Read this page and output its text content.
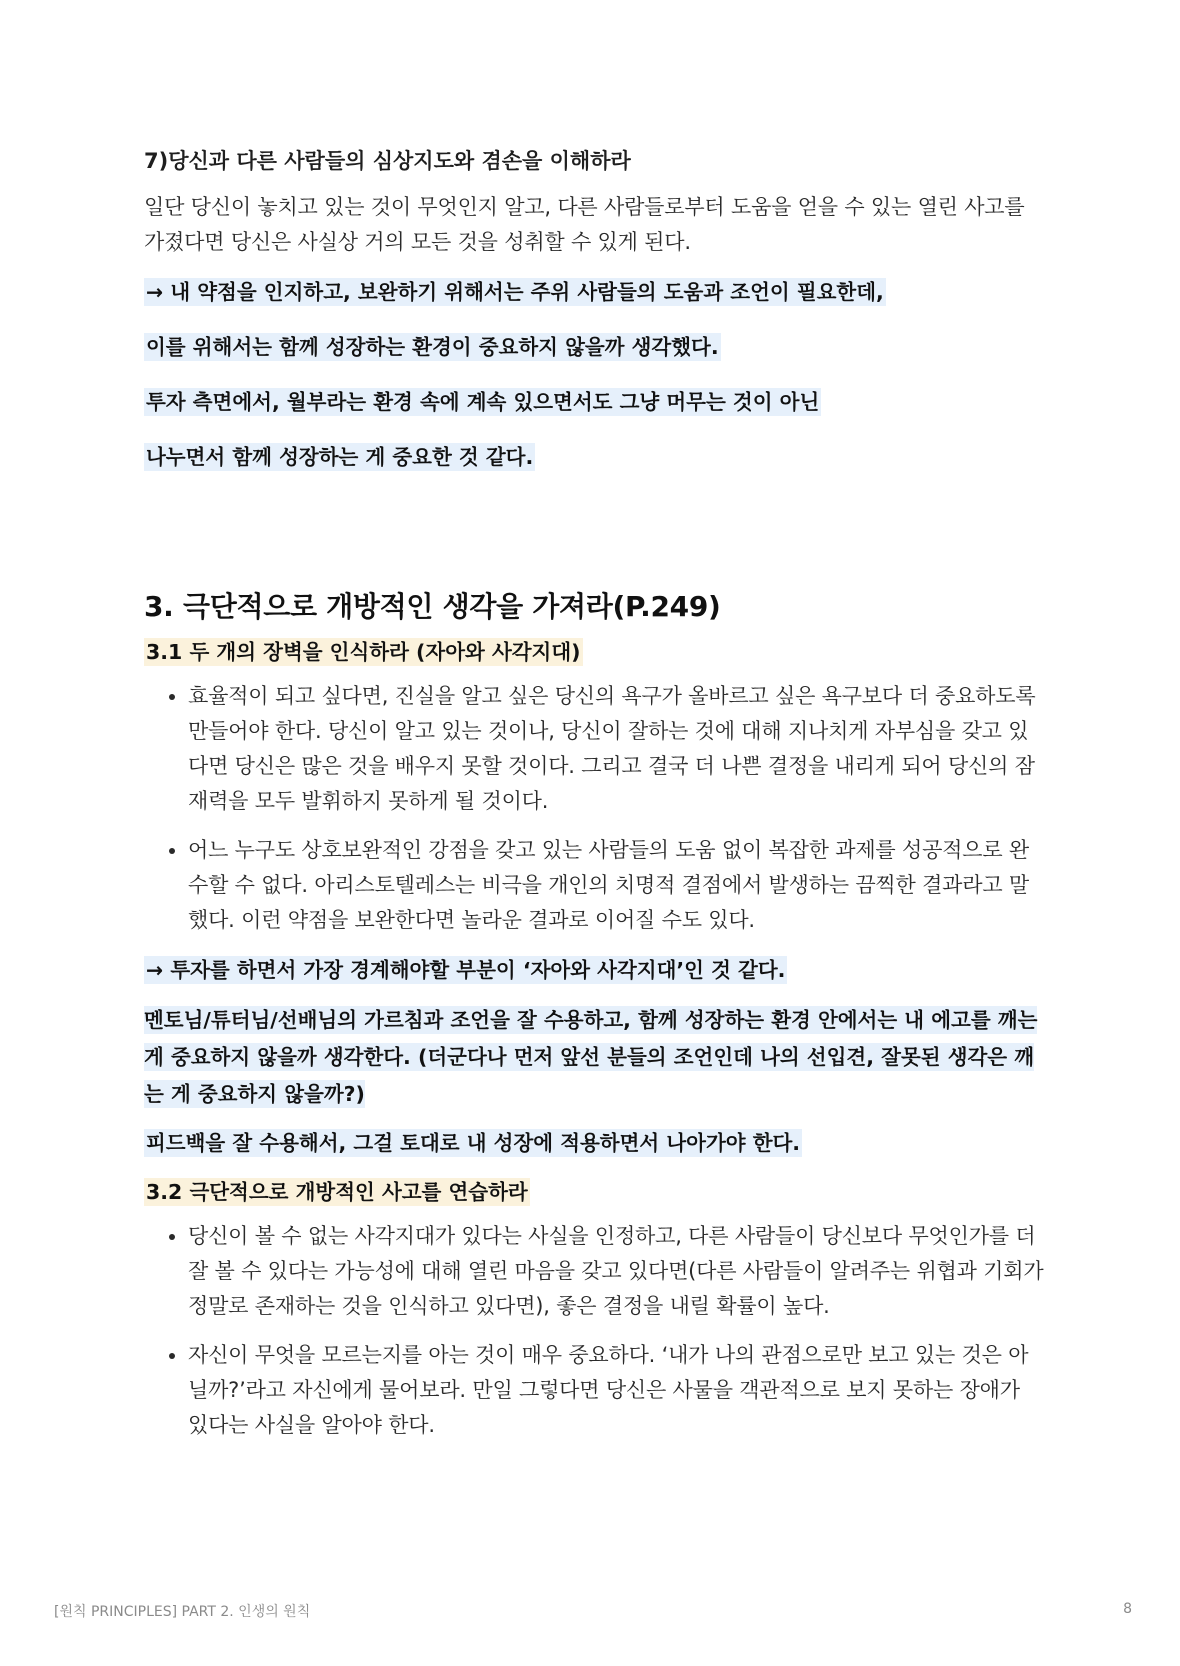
7)당신과 다른 사람들의 심상지도와 겸손을 이해하라

일단 당신이 놓치고 있는 것이 무엇인지 알고, 다른 사람들로부터 도움을 얻을 수 있는 열린 사고를 가졌다면 당신은 사실상 거의 모든 것을 성취할 수 있게 된다.

→ 내 약점을 인지하고, 보완하기 위해서는 주위 사람들의 도움과 조언이 필요한데,
이를 위해서는 함께 성장하는 환경이 중요하지 않을까 생각했다.
투자 측면에서, 월부라는 환경 속에 계속 있으면서도 그냥 머무는 것이 아닌
나누면서 함께 성장하는 게 중요한 것 같다.
3. 극단적으로 개방적인 생각을 가져라(P.249)
3.1 두 개의 장벽을 인식하라 (자아와 사각지대)
• 효율적이 되고 싶다면, 진실을 알고 싶은 당신의 욕구가 올바르고 싶은 욕구보다 더 중요하도록 만들어야 한다. 당신이 알고 있는 것이나, 당신이 잘하는 것에 대해 지나치게 자부심을 갖고 있다면 당신은 많은 것을 배우지 못할 것이다. 그리고 결국 더 나쁜 결정을 내리게 되어 당신의 잠재력을 모두 발휘하지 못하게 될 것이다.
• 어느 누구도 상호보완적인 강점을 갖고 있는 사람들의 도움 없이 복잡한 과제를 성공적으로 완수할 수 없다. 아리스토텔레스는 비극을 개인의 치명적 결점에서 발생하는 끔찍한 결과라고 말했다. 이런 약점을 보완한다면 놀라운 결과로 이어질 수도 있다.
→ 투자를 하면서 가장 경계해야할 부분이 ‘자아와 사각지대’인 것 같다.
멘토님/튜터님/선배님의 가르침과 조언을 잘 수용하고, 함께 성장하는 환경 안에서는 내 에고를 깨는 게 중요하지 않을까 생각한다. (더군다나 먼저 앞선 분들의 조언인데 나의 선입견, 잘못된 생각은 깨는 게 중요하지 않을까?)
피드백을 잘 수용해서, 그걸 토대로 내 성장에 적용하면서 나아가야 한다.
3.2 극단적으로 개방적인 사고를 연습하라
• 당신이 볼 수 없는 사각지대가 있다는 사실을 인정하고, 다른 사람들이 당신보다 무엇인가를 더 잘 볼 수 있다는 가능성에 대해 열린 마음을 갖고 있다면(다른 사람들이 알려주는 위협과 기회가 정말로 존재하는 것을 인식하고 있다면), 좋은 결정을 내릴 확률이 높다.
• 자신이 무엇을 모르는지를 아는 것이 매우 중요하다. ‘내가 나의 관점으로만 보고 있는 것은 아닐까?’라고 자신에게 물어보라. 만일 그렇다면 당신은 사물을 객관적으로 보지 못하는 장애가 있다는 사실을 알아야 한다.
[원칙 PRINCIPLES] PART 2. 인생의 원칙	8
